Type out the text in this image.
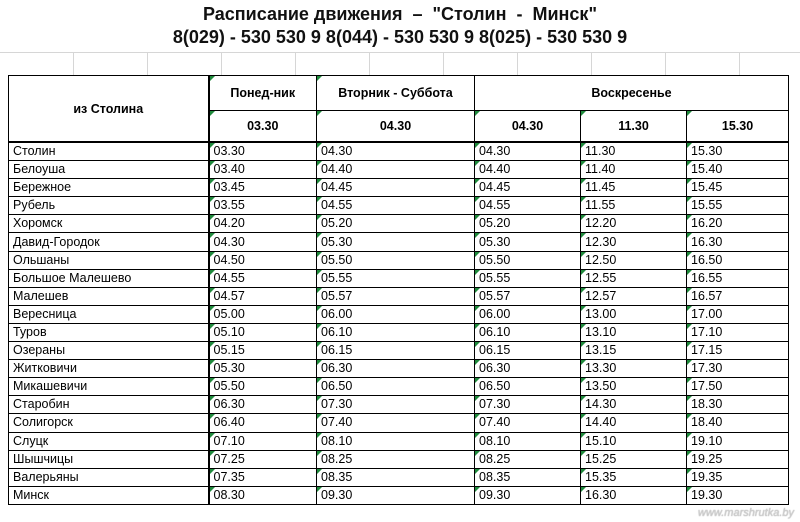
Расписание движения  –  "Столин  -  Минск"
8(029) - 530 530 9 8(044) - 530 530 9 8(025) - 530 530 9
из Столина	Понед-ник	Вторник - Суббота	Воскресенье		
	03.30	04.30	04.30	11.30	15.30
Столин	03.30	04.30	04.30	11.30	15.30
Белоуша	03.40	04.40	04.40	11.40	15.40
Бережное	03.45	04.45	04.45	11.45	15.45
Рубель	03.55	04.55	04.55	11.55	15.55
Хоромск	04.20	05.20	05.20	12.20	16.20
Давид-Городок	04.30	05.30	05.30	12.30	16.30
Ольшаны	04.50	05.50	05.50	12.50	16.50
Большое Малешево	04.55	05.55	05.55	12.55	16.55
Малешев	04.57	05.57	05.57	12.57	16.57
Вересница	05.00	06.00	06.00	13.00	17.00
Туров	05.10	06.10	06.10	13.10	17.10
Озераны	05.15	06.15	06.15	13.15	17.15
Житковичи	05.30	06.30	06.30	13.30	17.30
Микашевичи	05.50	06.50	06.50	13.50	17.50
Старобин	06.30	07.30	07.30	14.30	18.30
Солигорск	06.40	07.40	07.40	14.40	18.40
Слуцк	07.10	08.10	08.10	15.10	19.10
Шышчицы	07.25	08.25	08.25	15.25	19.25
Валерьяны	07.35	08.35	08.35	15.35	19.35
Минск	08.30	09.30	09.30	16.30	19.30
www.marshrutka.by
